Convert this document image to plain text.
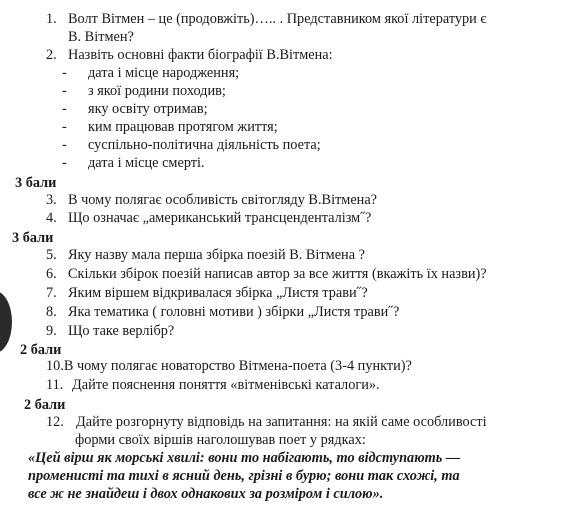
1. Волт Вітмен – це (продовжіть)….. . Представником якої літератури є
В. Вітмен?
2. Назвіть основні факти біографії В.Вітмена:
- дата і місце народження;
- з якої родини походив;
- яку освіту отримав;
- ким працював протягом життя;
- суспільно-політична діяльність поета;
- дата і місце смерті.
3 бали
3. В чому полягає особливість світогляду В.Вітмена?
4. Що означає „американський трансценденталізм˝?
3 бали
5. Яку назву мала перша збірка поезій В. Вітмена ?
6. Скільки збірок поезій написав автор за все життя (вкажіть їх назви)?
7. Яким віршем відкривалася збірка „Листя трави˝?
8. Яка тематика ( головні мотиви ) збірки „Листя трави˝?
9. Що таке верлібр?
2 бали
10.В чому полягає новаторство Вітмена-поета (3-4 пункти)?
11. Дайте пояснення поняття «вітменівські каталоги».
2 бали
12. Дайте розгорнуту відповідь на запитання: на якій саме особливості
форми своїх віршів наголошував поет у рядках:
«Цей вірш як морські хвилі: вони то набігають, то відступають —
променисті та тихі в ясний день, грізні в бурю; вони так схожі, та
все ж не знайдеш і двох однакових за розміром і силою».
